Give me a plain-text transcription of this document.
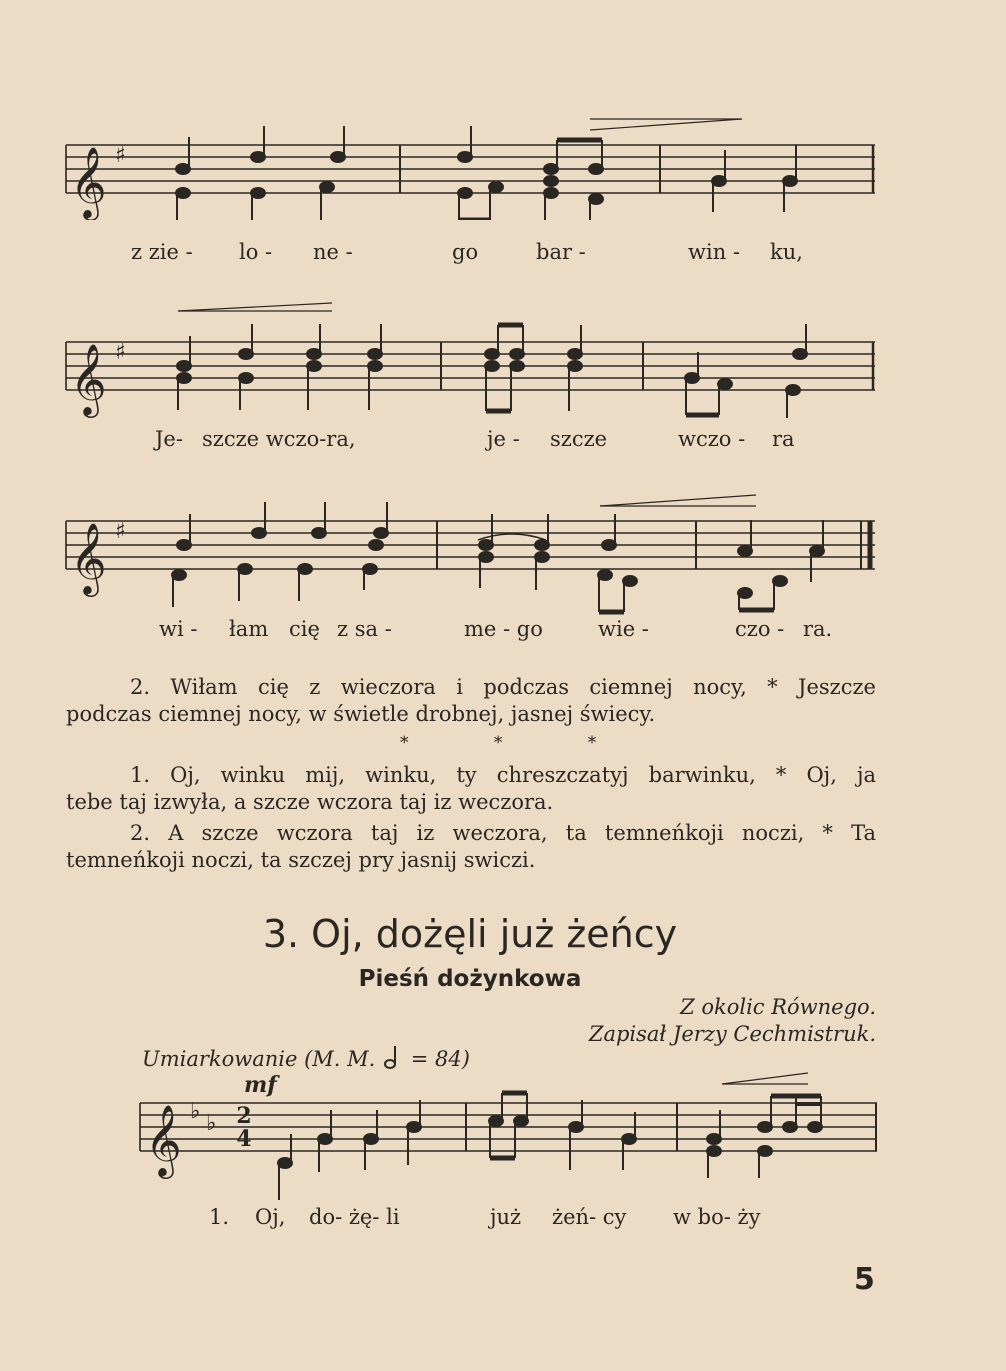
𝄞 ♯
z zie - lo - ne -	go	bar -	win - ku,
𝄞 ♯
Je- szcze wczo-ra,	je - szcze	wczo - ra
𝄞 ♯
wi - łam cię z sa -	me - go	wie -	czo - ra.
2. Wiłam cię z wieczora i podczas ciemnej nocy, * Jeszcze
podczas ciemnej nocy, w świetle drobnej, jasnej świecy.
* * *
1. Oj, winku mij, winku, ty chreszczatyj barwinku, * Oj, ja
tebe taj izwyła, a szcze wczora taj iz weczora.
2. A szcze wczora taj iz weczora, ta temneńkoji noczi, * Ta
temneńkoji noczi, ta szczej pry jasnij swiczi.
3. Oj, dożęli już żeńcy
Pieśń dożynkowa
Z okolic Równego.
Zapisał Jerzy Cechmistruk.
Umiarkowanie (M. M. = 84)
mf
𝄞 ♭ ♭ 2
4
1. Oj, do- żę- li	już żeń- cy w bo- ży
5
